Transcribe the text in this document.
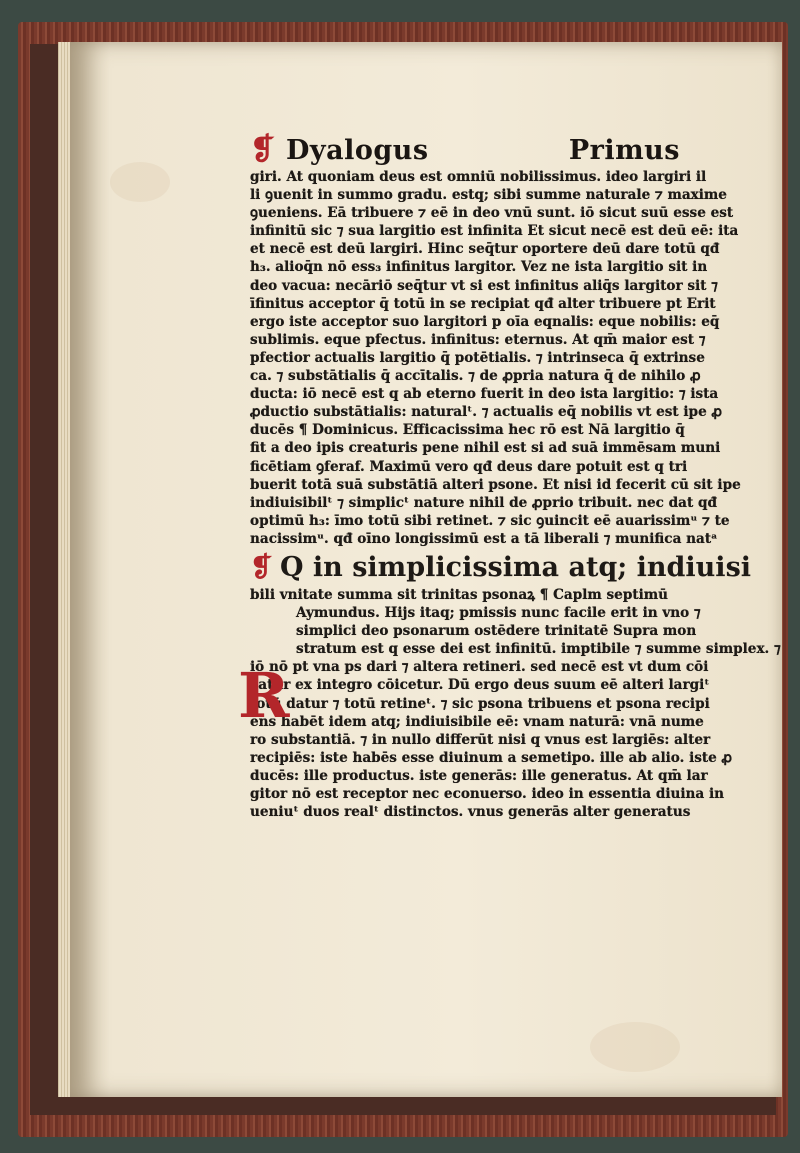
❡ Dyalogus	Primus
giri. At quoniam deus est omniū nobilissimus. ideo largiri il
li ꝯuenit in summo gradu. estq; sibi summe naturale ⁊ maxime
ꝯueniens. Eā tribuere ⁊ eē in deo vnū sunt. iō sicut suū esse est
infinitū sic ⁊ sua largitio est infinita Et sicut necē est deū eē: ita
et necē est deū largiri. Hinc seq̄tur oportere deū dare totū qđ
h₃. alioq̄n nō ess₃ infinitus largitor. Vez ne ista largitio sit in
deo vacua: necāriō seq̄tur vt si est infinitus aliq̄s largitor sit ⁊
īfinitus acceptor q̄ totū in se recipiat qđ alter tribuere pt Erit
ergo iste acceptor suo largitori p oīa eqnalis: eque nobilis: eq̄
sublimis. eque pfectus. infinitus: eternus. At qm̄ maior est ⁊
pfectior actualis largitio q̄ potētialis. ⁊ intrinseca q̄ extrinse
ca. ⁊ substātialis q̄ accītalis. ⁊ de ꝓpria natura q̄ de nihilo ꝓ
ducta: iō necē est q ab eterno fuerit in deo ista largitio: ⁊ ista
ꝓductio substātialis: naturalᵗ. ⁊ actualis eq̄ nobilis vt est ipe ꝓ
ducēs ¶ Dominicus. Efficacissima hec rō est Nā largitio q̄
fit a deo ipis creaturis pene nihil est si ad suā immēsam muni
ficētiam ꝯferaf. Maximū vero qđ deus dare potuit est q tri
buerit totā suā substātiā alteri psone. Et nisi id fecerit cū sit ipe
indiuisibilᵗ ⁊ simplicᵗ nature nihil de ꝓprio tribuit. nec dat qđ
optimū h₃: īmo totū sibi retinet. ⁊ sic ꝯuincit eē auarissimᵘ ⁊ te
nacissimᵘ. qđ oīno longissimū est a tā liberali ⁊ munifica natᵃ
❡ Q in simplicissima atq; indiuisi
bili vnitate summa sit trinitas psonaꝝ ¶ Caplm septimū
Aymundus. Hijs itaq; pmissis nunc facile erit in vno ⁊
simplici deo psonarum ostēdere trinitatē Supra mon
stratum est q esse dei est infinitū. imptibile ⁊ summe simplex. ⁊
iō nō pt vna ps dari ⁊ altera retineri. sed necē est vt dum cōi
catur ex integro cōicetur. Dū ergo deus suum eē alteri largiᵗ
totū datur ⁊ totū retineᵗ. ⁊ sic psona tribuens et psona recipi
ens habēt idem atq; indiuisibile eē: vnam naturā: vnā nume
ro substantiā. ⁊ in nullo differūt nisi q vnus est largiēs: alter
recipiēs: iste habēs esse diuinum a semetipo. ille ab alio. iste ꝓ
ducēs: ille productus. iste generās: ille generatus. At qm̄ lar
gitor nō est receptor nec econuerso. ideo in essentia diuina in
ueniuᵗ duos realᵗ distinctos. vnus generās alter generatus
R
